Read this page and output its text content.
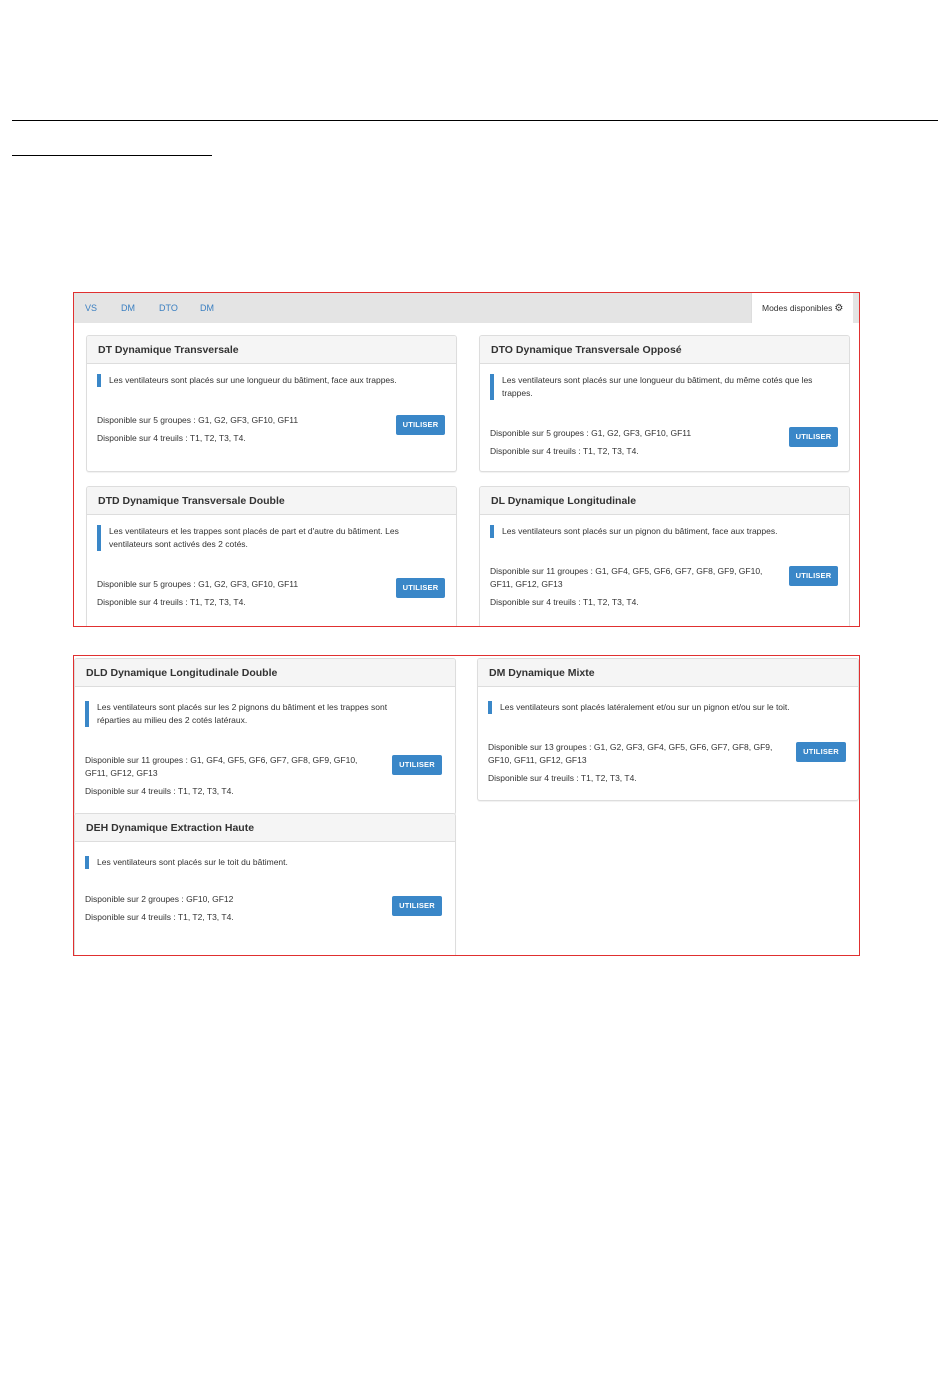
VS	DM	DTO DM	Modes disponibles ⚙
DT Dynamique Transversale
Les ventilateurs sont placés sur une longueur du bâtiment, face aux trappes.
Disponible sur 5 groupes : G1, G2, GF3, GF10, GF11
Disponible sur 4 treuils : T1, T2, T3, T4.
UTILISER
DTO Dynamique Transversale Opposé
Les ventilateurs sont placés sur une longueur du bâtiment, du même cotés que les trappes.
Disponible sur 5 groupes : G1, G2, GF3, GF10, GF11
Disponible sur 4 treuils : T1, T2, T3, T4.
UTILISER
DTD Dynamique Transversale Double
Les ventilateurs et les trappes sont placés de part et d'autre du bâtiment. Les ventilateurs sont activés des 2 cotés.
Disponible sur 5 groupes : G1, G2, GF3, GF10, GF11
Disponible sur 4 treuils : T1, T2, T3, T4.
UTILISER
DL Dynamique Longitudinale
Les ventilateurs sont placés sur un pignon du bâtiment, face aux trappes.
Disponible sur 11 groupes : G1, GF4, GF5, GF6, GF7, GF8, GF9, GF10, GF11, GF12, GF13
Disponible sur 4 treuils : T1, T2, T3, T4.
UTILISER
DLD Dynamique Longitudinale Double
Les ventilateurs sont placés sur les 2 pignons du bâtiment et les trappes sont réparties au milieu des 2 cotés latéraux.
Disponible sur 11 groupes : G1, GF4, GF5, GF6, GF7, GF8, GF9, GF10, GF11, GF12, GF13
Disponible sur 4 treuils : T1, T2, T3, T4.
UTILISER
DM Dynamique Mixte
Les ventilateurs sont placés latéralement et/ou sur un pignon et/ou sur le toit.
Disponible sur 13 groupes : G1, G2, GF3, GF4, GF5, GF6, GF7, GF8, GF9, GF10, GF11, GF12, GF13
Disponible sur 4 treuils : T1, T2, T3, T4.
UTILISER
DEH Dynamique Extraction Haute
Les ventilateurs sont placés sur le toit du bâtiment.
Disponible sur 2 groupes : GF10, GF12
Disponible sur 4 treuils : T1, T2, T3, T4.
UTILISER
